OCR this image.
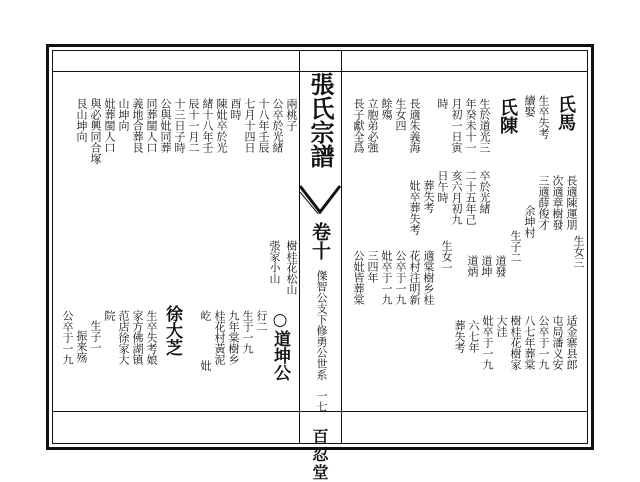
張氏宗譜
卷十
傑智公支下修勇公世系
一七
百忍堂
氏馬
氏陳 生卒失考
續娶
長適陳運朋
次適章樹發
三適薛俊才
余坤村
生子二	生女三
生於道光三
年癸未十一
月初一日寅
時
卒於光緒
二十五年己
亥六月初九
日午時
葬失考
妣卒葬失考
長適朱義海
生女四
餘殤
立胞弟必強
長子獻全爲
生女一 道坤
道炳 道發
適棠樹乡桂
花村注明新
公卒于一九
妣卒于一九
三四年
公妣皆葬棠
适金寨县郎
屯局潘义安
公卒于一九
八七年葬棠
樹桂花樹家
大洼
妣卒于一九
六七年
葬失考
兩桃子
公卒於光緒
十八年壬辰
七月十四日
酉時
陳妣卒於光
緒十八年壬
辰十一月二
十三日子時
公與妣同葬
同葬閩人口
義地合葬艮
山坤向
妣葬閩人口
與必興同合塚
艮山坤向
樹桂花松山
張家小山
○道坤公
行二
生于一九
九年棠樹乡
桂花村黃泥
屹
妣
徐大芝
生卒失考娘
家方佛湖镇
范店徐家大
院
生子一
振来殇
公卒于一九
